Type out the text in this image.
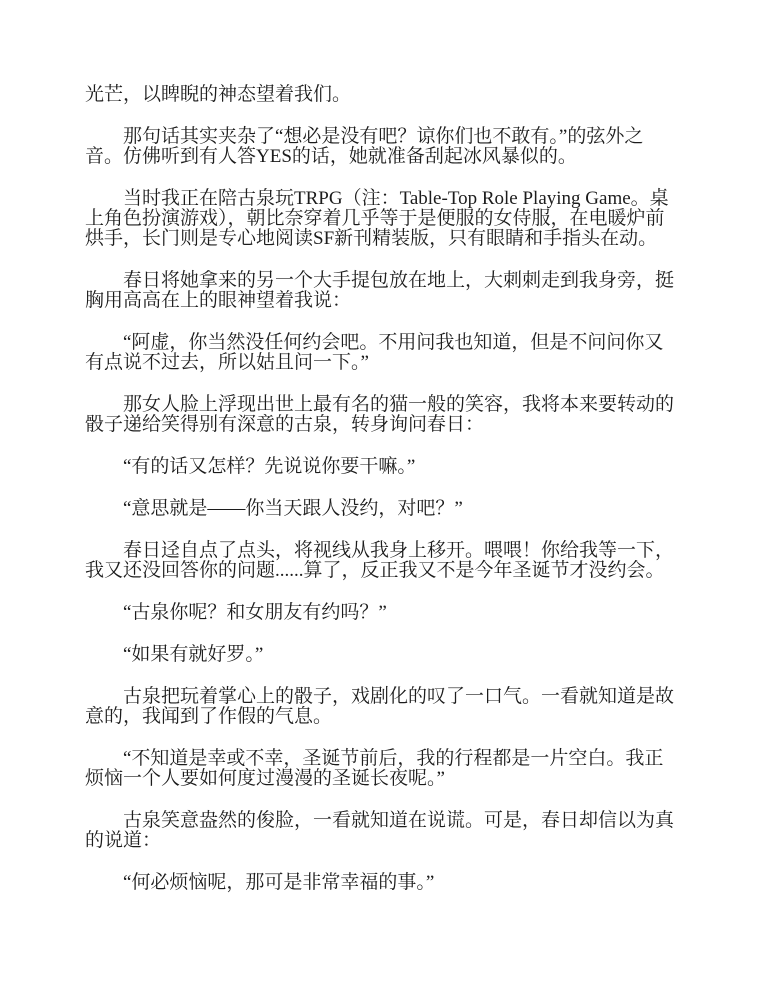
光芒，以睥睨的神态望着我们。
那句话其实夹杂了“想必是没有吧？谅你们也不敢有。”的弦外之
音。仿佛听到有人答YES的话，她就准备刮起冰风暴似的。
当时我正在陪古泉玩TRPG（注：Table-Top Role Playing Game。桌
上角色扮演游戏），朝比奈穿着几乎等于是便服的女侍服，在电暖炉前
烘手，长门则是专心地阅读SF新刊精装版，只有眼睛和手指头在动。
春日将她拿来的另一个大手提包放在地上，大刺刺走到我身旁，挺
胸用高高在上的眼神望着我说：
“阿虚，你当然没任何约会吧。不用问我也知道，但是不问问你又
有点说不过去，所以姑且问一下。”
那女人脸上浮现出世上最有名的猫一般的笑容，我将本来要转动的
骰子递给笑得别有深意的古泉，转身询问春日：
“有的话又怎样？先说说你要干嘛。”
“意思就是——你当天跟人没约，对吧？”
春日迳自点了点头，将视线从我身上移开。喂喂！你给我等一下，
我又还没回答你的问题......算了，反正我又不是今年圣诞节才没约会。
“古泉你呢？和女朋友有约吗？”
“如果有就好罗。”
古泉把玩着掌心上的骰子，戏剧化的叹了一口气。一看就知道是故
意的，我闻到了作假的气息。
“不知道是幸或不幸，圣诞节前后，我的行程都是一片空白。我正
烦恼一个人要如何度过漫漫的圣诞长夜呢。”
古泉笑意盎然的俊脸，一看就知道在说谎。可是，春日却信以为真
的说道：
“何必烦恼呢，那可是非常幸福的事。”
